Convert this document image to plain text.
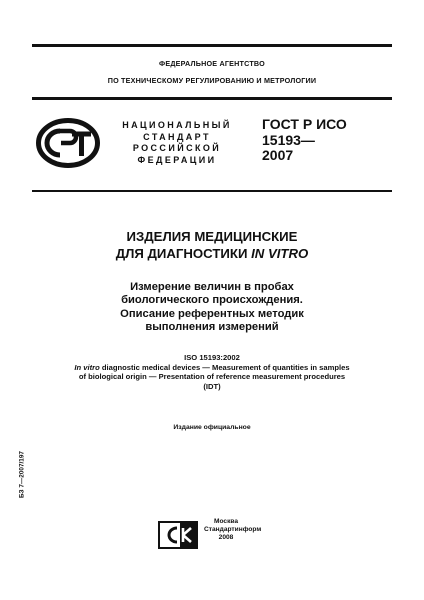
ФЕДЕРАЛЬНОЕ АГЕНТСТВО
ПО ТЕХНИЧЕСКОМУ РЕГУЛИРОВАНИЮ И МЕТРОЛОГИИ
НАЦИОНАЛЬНЫЙ
СТАНДАРТ
РОССИЙСКОЙ
ФЕДЕРАЦИИ
ГОСТ Р ИСО
15193—
2007
ИЗДЕЛИЯ МЕДИЦИНСКИЕ
ДЛЯ ДИАГНОСТИКИ IN VITRO
Измерение величин в пробах
биологического происхождения.
Описание референтных методик
выполнения измерений
ISO 15193:2002
In vitro diagnostic medical devices — Measurement of quantities in samples
of biological origin — Presentation of reference measurement procedures
(IDT)
Издание официальное
БЗ 7—2007/197
Москва
Стандартинформ
2008
